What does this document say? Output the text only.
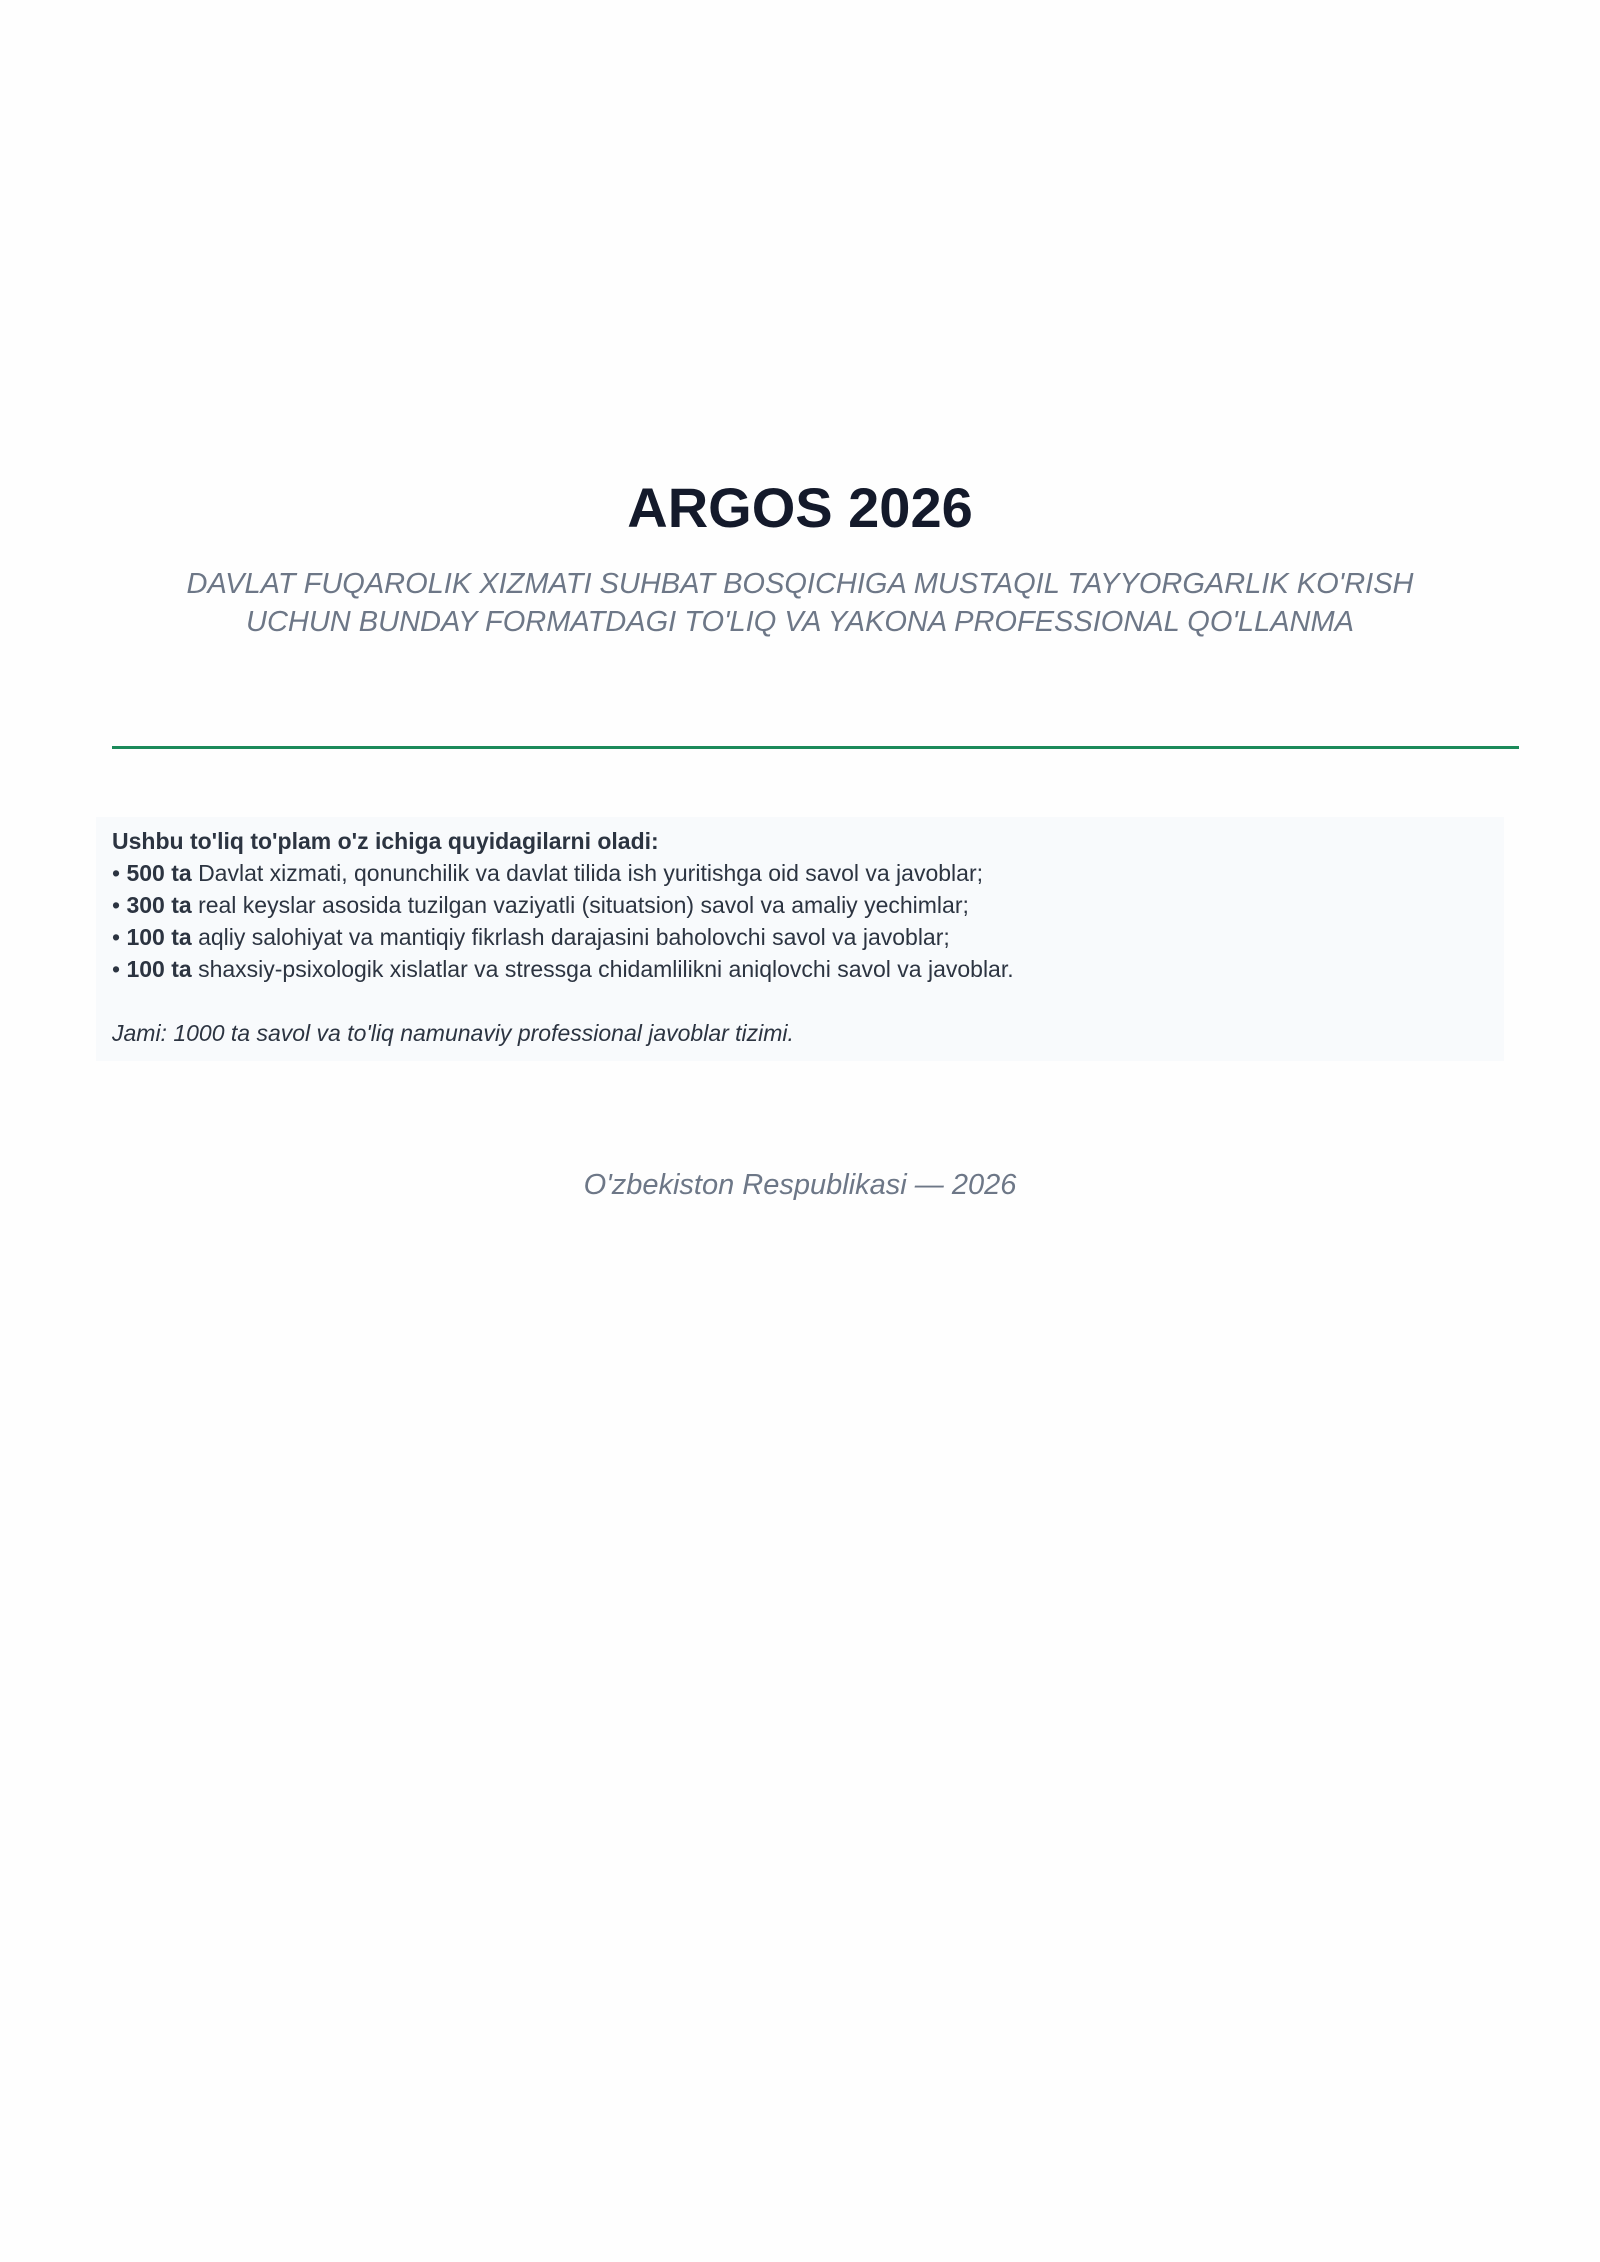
ARGOS 2026

DAVLAT FUQAROLIK XIZMATI SUHBAT BOSQICHIGA MUSTAQIL TAYYORGARLIK KO'RISH
UCHUN BUNDAY FORMATDAGI TO'LIQ VA YAKONA PROFESSIONAL QO'LLANMA

Ushbu to'liq to'plam o'z ichiga quyidagilarni oladi:

• 500 ta Davlat xizmati, qonunchilik va davlat tilida ish yuritishga oid savol va javoblar;
• 300 ta real keyslar asosida tuzilgan vaziyatli (situatsion) savol va amaliy yechimlar;
• 100 ta aqliy salohiyat va mantiqiy fikrlash darajasini baholovchi savol va javoblar;
• 100 ta shaxsiy-psixologik xislatlar va stressga chidamlilikni aniqlovchi savol va javoblar.

Jami: 1000 ta savol va to'liq namunaviy professional javoblar tizimi.

O'zbekiston Respublikasi — 2026
